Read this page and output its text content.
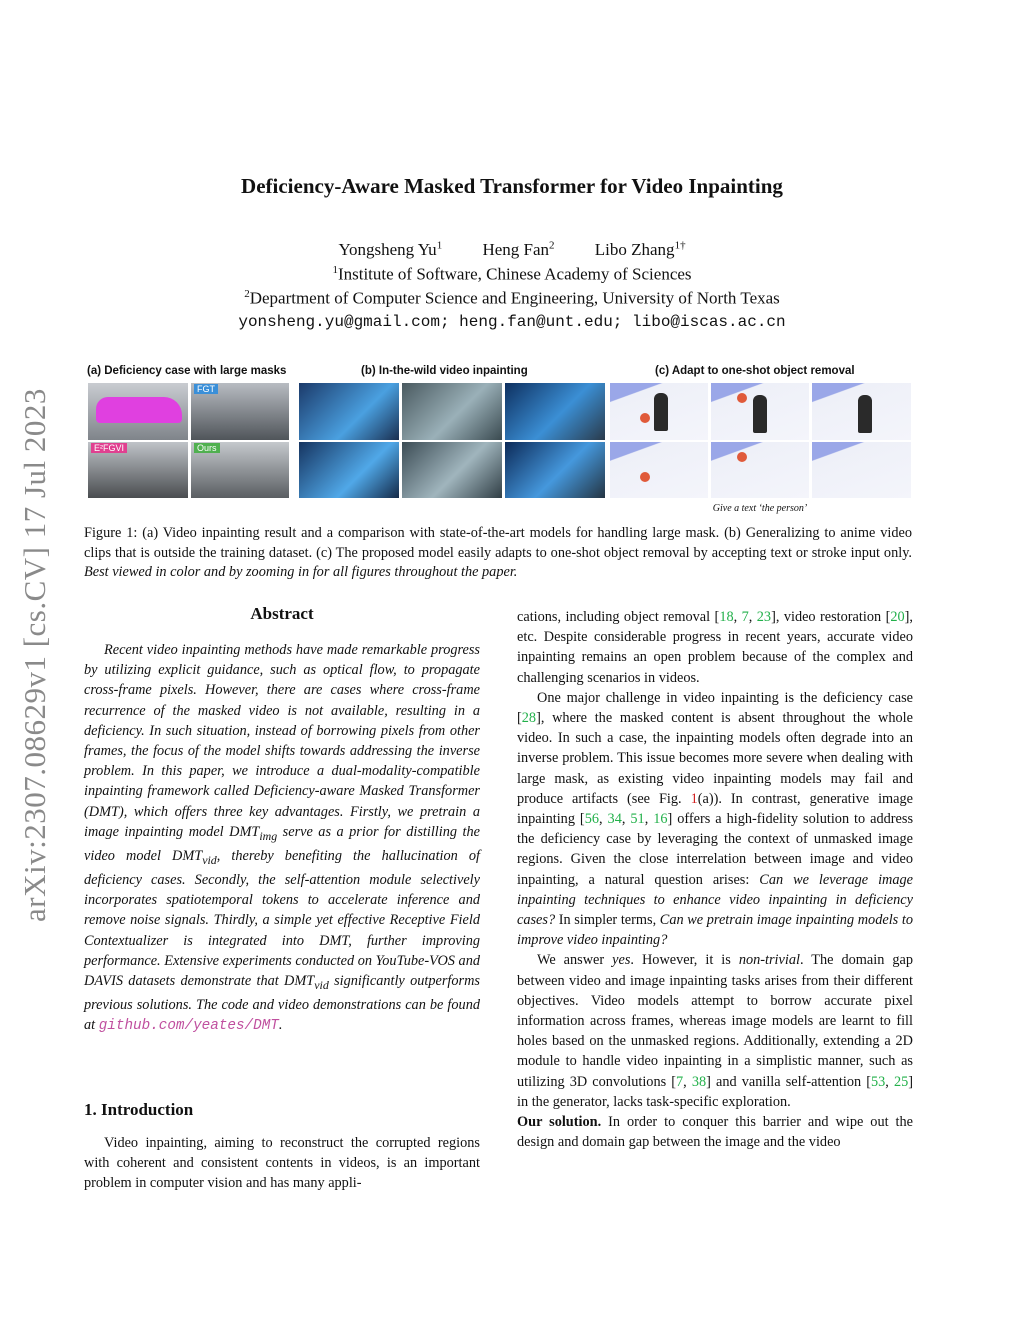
arXiv:2307.08629v1 [cs.CV] 17 Jul 2023
Deficiency-Aware Masked Transformer for Video Inpainting
Yongsheng Yu$^1$ Heng Fan$^2$ Libo Zhang$^{1\dagger}$
$^1$Institute of Software, Chinese Academy of Sciences
$^2$Department of Computer Science and Engineering, University of North Texas
yonsheng.yu@gmail.com; heng.fan@unt.edu; libo@iscas.ac.cn
(a) Deficiency case with large masks	(b) In-the-wild video inpainting	(c) Adapt to one-shot object removal
FGT
E²FGVI	Ours
Give a text ‘the person’
Figure 1: (a) Video inpainting result and a comparison with state-of-the-art models for handling large mask. (b) Generalizing to anime video clips that is outside the training dataset. (c) The proposed model easily adapts to one-shot object removal by accepting text or stroke input only. Best viewed in color and by zooming in for all figures throughout the paper.
Abstract

Recent video inpainting methods have made remarkable progress by utilizing explicit guidance, such as optical flow, to propagate cross-frame pixels. However, there are cases where cross-frame recurrence of the masked video is not available, resulting in a deficiency. In such situation, instead of borrowing pixels from other frames, the focus of the model shifts towards addressing the inverse problem. In this paper, we introduce a dual-modality-compatible inpainting framework called Deficiency-aware Masked Transformer (DMT), which offers three key advantages. Firstly, we pretrain a image inpainting model $DMT_{img}$ serve as a prior for distilling the video model $DMT_{vid}$, thereby benefiting the hallucination of deficiency cases. Secondly, the self-attention module selectively incorporates spatiotemporal tokens to accelerate inference and remove noise signals. Thirdly, a simple yet effective Receptive Field Contextualizer is integrated into DMT, further improving performance. Extensive experiments conducted on YouTube-VOS and DAVIS datasets demonstrate that $DMT_{vid}$ significantly outperforms previous solutions. The code and video demonstrations can be found at github.com/yeates/DMT.

1. Introduction

Video inpainting, aiming to reconstruct the corrupted regions with coherent and consistent contents in videos, is an important problem in computer vision and has many appli-

cations, including object removal [18, 7, 23], video restoration [20], etc. Despite considerable progress in recent years, accurate video inpainting remains an open problem because of the complex and challenging scenarios in videos.

One major challenge in video inpainting is the deficiency case [28], where the masked content is absent throughout the whole video. In such a case, the inpainting models often degrade into an inverse problem. This issue becomes more severe when dealing with large mask, as existing video inpainting models may fail and produce artifacts (see Fig. 1(a)). In contrast, generative image inpainting [56, 34, 51, 16] offers a high-fidelity solution to address the deficiency case by leveraging the context of unmasked image regions. Given the close interrelation between image and video inpainting, a natural question arises: Can we leverage image inpainting techniques to enhance video inpainting in deficiency cases? In simpler terms, Can we pretrain image inpainting models to improve video inpainting?

We answer yes. However, it is non-trivial. The domain gap between video and image inpainting tasks arises from their different objectives. Video models attempt to borrow accurate pixel information across frames, whereas image models are learnt to fill holes based on the unmasked regions. Additionally, extending a 2D module to handle video inpainting in a simplistic manner, such as utilizing 3D convolutions [7, 38] and vanilla self-attention [53, 25] in the generator, lacks task-specific exploration.

Our solution. In order to conquer this barrier and wipe out the design and domain gap between the image and the video
